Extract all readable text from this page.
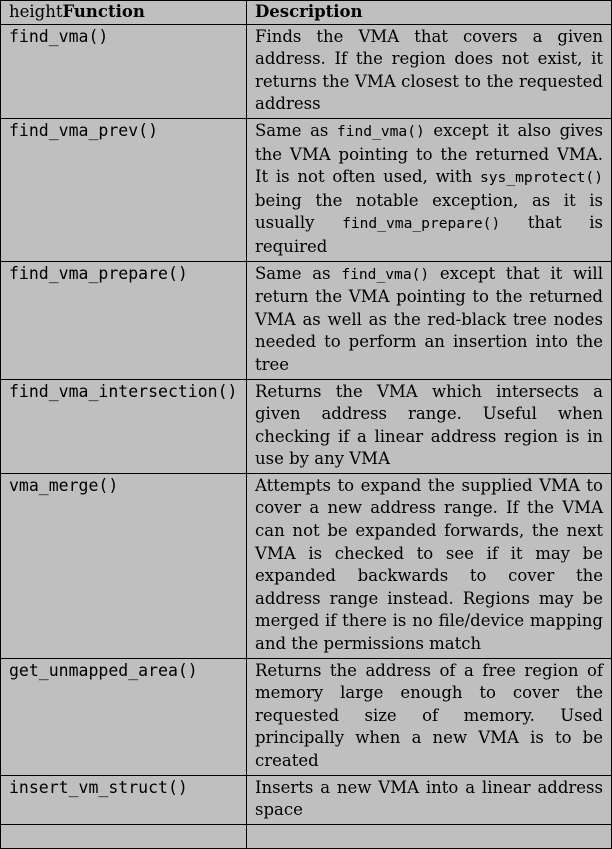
heightFunction	Description
find_vma()	Finds the VMA that covers a given address. If the region does not exist, it returns the VMA closest to the requested address
find_vma_prev()	Same as find_vma() except it also gives the VMA pointing to the returned VMA. It is not often used, with sys_mprotect() being the notable exception, as it is usually find_vma_prepare() that is required
find_vma_prepare()	Same as find_vma() except that it will return the VMA pointing to the returned VMA as well as the red-black tree nodes needed to perform an insertion into the tree
find_vma_intersection()	Returns the VMA which intersects a given address range. Useful when checking if a linear address region is in use by any VMA
vma_merge()	Attempts to expand the supplied VMA to cover a new address range. If the VMA can not be expanded forwards, the next VMA is checked to see if it may be expanded backwards to cover the address range instead. Regions may be merged if there is no file/device mapping and the permissions match
get_unmapped_area()	Returns the address of a free region of memory large enough to cover the requested size of memory. Used principally when a new VMA is to be created
insert_vm_struct()	Inserts a new VMA into a linear address space
